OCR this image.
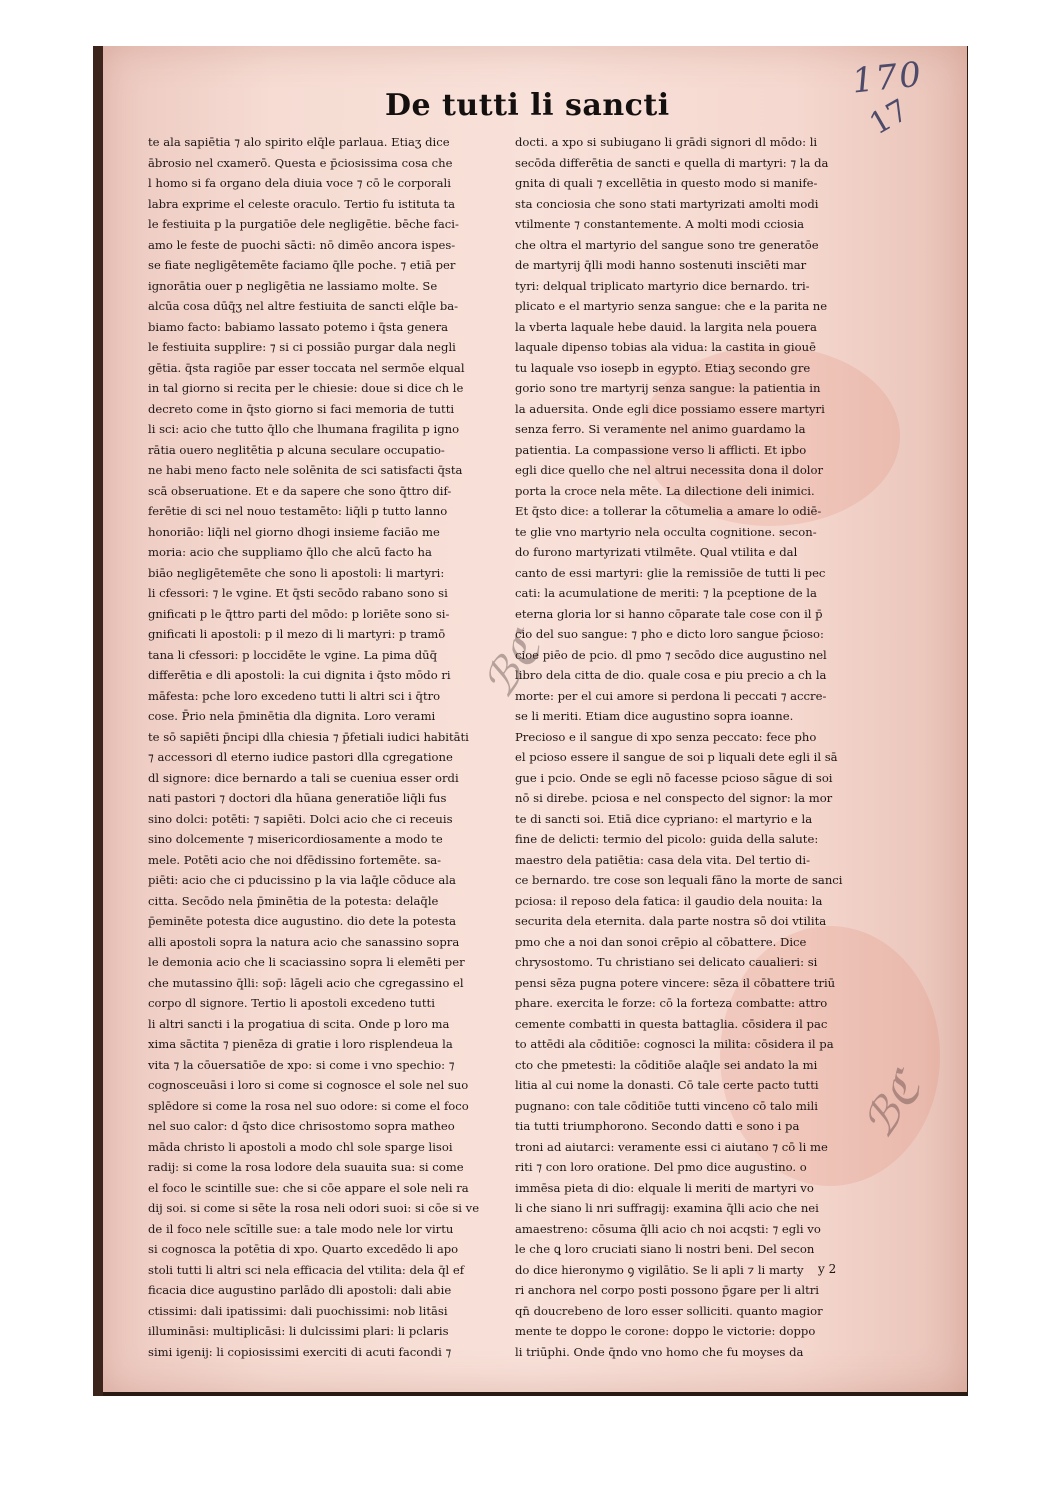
170
17
De tutti li sancti
te ala sapiētia ⁊ alo spirito elq̄le parlaua. Etiaʒ dice
ābrosio nel cxamerō. Questa e p̄ciosissima cosa che
l homo si fa organo dela diuia voce ⁊ cō le corporali
labra exprime el celeste oraculo. Tertio fu istituta ta
le festiuita p la purgatiōe dele negligētie. bēche faci-
amo le feste de puochi sācti: nō dimēo ancora ispes-
se fiate negligētemēte faciamo q̄lle poche. ⁊ etiā per
ignorātia ouer p negligētia ne lassiamo molte. Se
alcūa cosa dūq̄ʒ nel altre festiuita de sancti elq̄le ba-
biamo facto: babiamo lassato potemo i q̄sta genera
le festiuita supplire: ⁊ si ci possiāo purgar dala negli
gētia. q̄sta ragiōe par esser toccata nel sermōe elqual
in tal giorno si recita per le chiesie: doue si dice ch le
decreto come in q̄sto giorno si faci memoria de tutti
li sci: acio che tutto q̄llo che lhumana fragilita p igno
rātia ouero neglitētia p alcuna seculare occupatio-
ne habi meno facto nele solēnita de sci satisfacti q̄sta
scā obseruatione. Et e da sapere che sono q̄ttro dif-
ferētie di sci nel nouo testamēto: liq̄li p tutto lanno
honoriāo: liq̄li nel giorno dhogi insieme faciāo me
moria: acio che suppliamo q̄llo che alcū facto ha
biāo negligētemēte che sono li apostoli: li martyri:
li cfessori: ⁊ le vgine. Et q̄sti secōdo rabano sono si
gnificati p le q̄ttro parti del mōdo: p loriēte sono si-
gnificati li apostoli: p il mezo di li martyri: p tramō
tana li cfessori: p loccidēte le vgine. La pima dūq̄
differētia e dli apostoli: la cui dignita i q̄sto mōdo ri
māfesta: pche loro excedeno tutti li altri sci i q̄tro
cose. P̄rio nela p̄minētia dla dignita. Loro verami
te sō sapiēti p̄ncipi dlla chiesia ⁊ p̄fetiali iudici habitāti
⁊ accessori dl eterno iudice pastori dlla cgregatione
dl signore: dice bernardo a tali se cueniua esser ordi
nati pastori ⁊ doctori dla hūana generatiōe liq̄li fus
sino dolci: potēti: ⁊ sapiēti. Dolci acio che ci receuis
sino dolcemente ⁊ misericordiosamente a modo te
mele. Potēti acio che noi dfēdissino fortemēte. sa-
piēti: acio che ci pducissino p la via laq̄le cōduce ala
citta. Secōdo nela p̄minētia de la potesta: delaq̄le
p̄eminēte potesta dice augustino. dio dete la potesta
alli apostoli sopra la natura acio che sanassino sopra
le demonia acio che li scaciassino sopra li elemēti per
che mutassino q̄lli: sop̄: lāgeli acio che cgregassino el
corpo dl signore. Tertio li apostoli excedeno tutti
li altri sancti i la progatiua di scita. Onde p loro ma
xima sāctita ⁊ pienēza di gratie i loro risplendeua la
vita ⁊ la cōuersatiōe de xpo: si come i vno spechio: ⁊
cognosceuāsi i loro si come si cognosce el sole nel suo
splēdore si come la rosa nel suo odore: si come el foco
nel suo calor: d q̄sto dice chrisostomo sopra matheo
māda christo li apostoli a modo chl sole sparge lisoi
radij: si come la rosa lodore dela suauita sua: si come
el foco le scintille sue: che si cōe appare el sole neli ra
dij soi. si come si sēte la rosa neli odori suoi: si cōe si ve
de il foco nele scītille sue: a tale modo nele lor virtu
si cognosca la potētia di xpo. Quarto excedēdo li apo
stoli tutti li altri sci nela efficacia del vtilita: dela q̄l ef
ficacia dice augustino parlādo dli apostoli: dali abie
ctissimi: dali ipatissimi: dali puochissimi: nob litāsi
illumināsi: multiplicāsi: li dulcissimi plari: li pclaris
simi igenij: li copiosissimi exerciti di acuti facondi ⁊
docti. a xpo si subiugano li grādi signori dl mōdo: li
secōda differētia de sancti e quella di martyri: ⁊ la da
gnita di quali ⁊ excellētia in questo modo si manife-
sta conciosia che sono stati martyrizati amolti modi
vtilmente ⁊ constantemente. A molti modi cciosia
che oltra el martyrio del sangue sono tre generatōe
de martyrij q̄lli modi hanno sostenuti insciēti mar
tyri: delqual triplicato martyrio dice bernardo. tri-
plicato e el martyrio senza sangue: che e la parita ne
la vberta laquale hebe dauid. la largita nela pouera
laquale dipenso tobias ala vidua: la castita in giouē
tu laquale vso iosepb in egypto. Etiaʒ secondo gre
gorio sono tre martyrij senza sangue: la patientia in
la aduersita. Onde egli dice possiamo essere martyri
senza ferro. Si veramente nel animo guardamo la
patientia. La compassione verso li afflicti. Et ipbo
egli dice quello che nel altrui necessita dona il dolor
porta la croce nela mēte. La dilectione deli inimici.
Et q̄sto dice: a tollerar la cōtumelia a amare lo odiē-
te glie vno martyrio nela occulta cognitione. secon-
do furono martyrizati vtilmēte. Qual vtilita e dal
canto de essi martyri: glie la remissiōe de tutti li pec
cati: la acumulatione de meriti: ⁊ la pceptione de la
eterna gloria lor si hanno cōparate tale cose con il p̄
cio del suo sangue: ⁊ pho e dicto loro sangue p̄cioso:
cioe piēo de pcio. dl pmo ⁊ secōdo dice augustino nel
libro dela citta de dio. quale cosa e piu precio a ch la
morte: per el cui amore si perdona li peccati ⁊ accre-
se li meriti. Etiam dice augustino sopra ioanne.
Precioso e il sangue di xpo senza peccato: fece pho
el pcioso essere il sangue de soi p liquali dete egli il sā
gue i pcio. Onde se egli nō facesse pcioso sāgue di soi
nō si direbe. pciosa e nel conspecto del signor: la mor
te di sancti soi. Etiā dice cypriano: el martyrio e la
fine de delicti: termio del picolo: guida della salute:
maestro dela patiētia: casa dela vita. Del tertio di-
ce bernardo. tre cose son lequali fāno la morte de sanci
pciosa: il reposo dela fatica: il gaudio dela nouita: la
securita dela eternita. dala parte nostra sō doi vtilita
pmo che a noi dan sonoi crēpio al cōbattere. Dice
chrysostomo. Tu christiano sei delicato caualieri: si
pensi sēza pugna potere vincere: sēza il cōbattere triū
phare. exercita le forze: cō la forteza combatte: attro
cemente combatti in questa battaglia. cōsidera il pac
to attēdi ala cōditiōe: cognosci la milita: cōsidera il pa
cto che pmetesti: la cōditiōe alaq̄le sei andato la mi
litia al cui nome la donasti. Cō tale certe pacto tutti
pugnano: con tale cōditiōe tutti vinceno cō talo mili
tia tutti triumphorono. Secondo datti e sono i pa
troni ad aiutarci: veramente essi ci aiutano ⁊ cō li me
riti ⁊ con loro oratione. Del pmo dice augustino. o
immēsa pieta di dio: elquale li meriti de martyri vo
li che siano li nri suffragij: examina q̄lli acio che nei
amaestreno: cōsuma q̄lli acio ch noi acqsti: ⁊ egli vo
le che ꝗ loro cruciati siano li nostri beni. Del secon
do dice hieronymo ꝯ vigilātio. Se li apli ⁊ li marty
ri anchora nel corpo posti possono p̄gare per li altri
qn̄ doucrebeno de loro esser solliciti. quanto magior
mente te doppo le corone: doppo le victorie: doppo
li triūphi. Onde q̄ndo vno homo che fu moyses da
y 2
ℬℭ
ℬℭ
